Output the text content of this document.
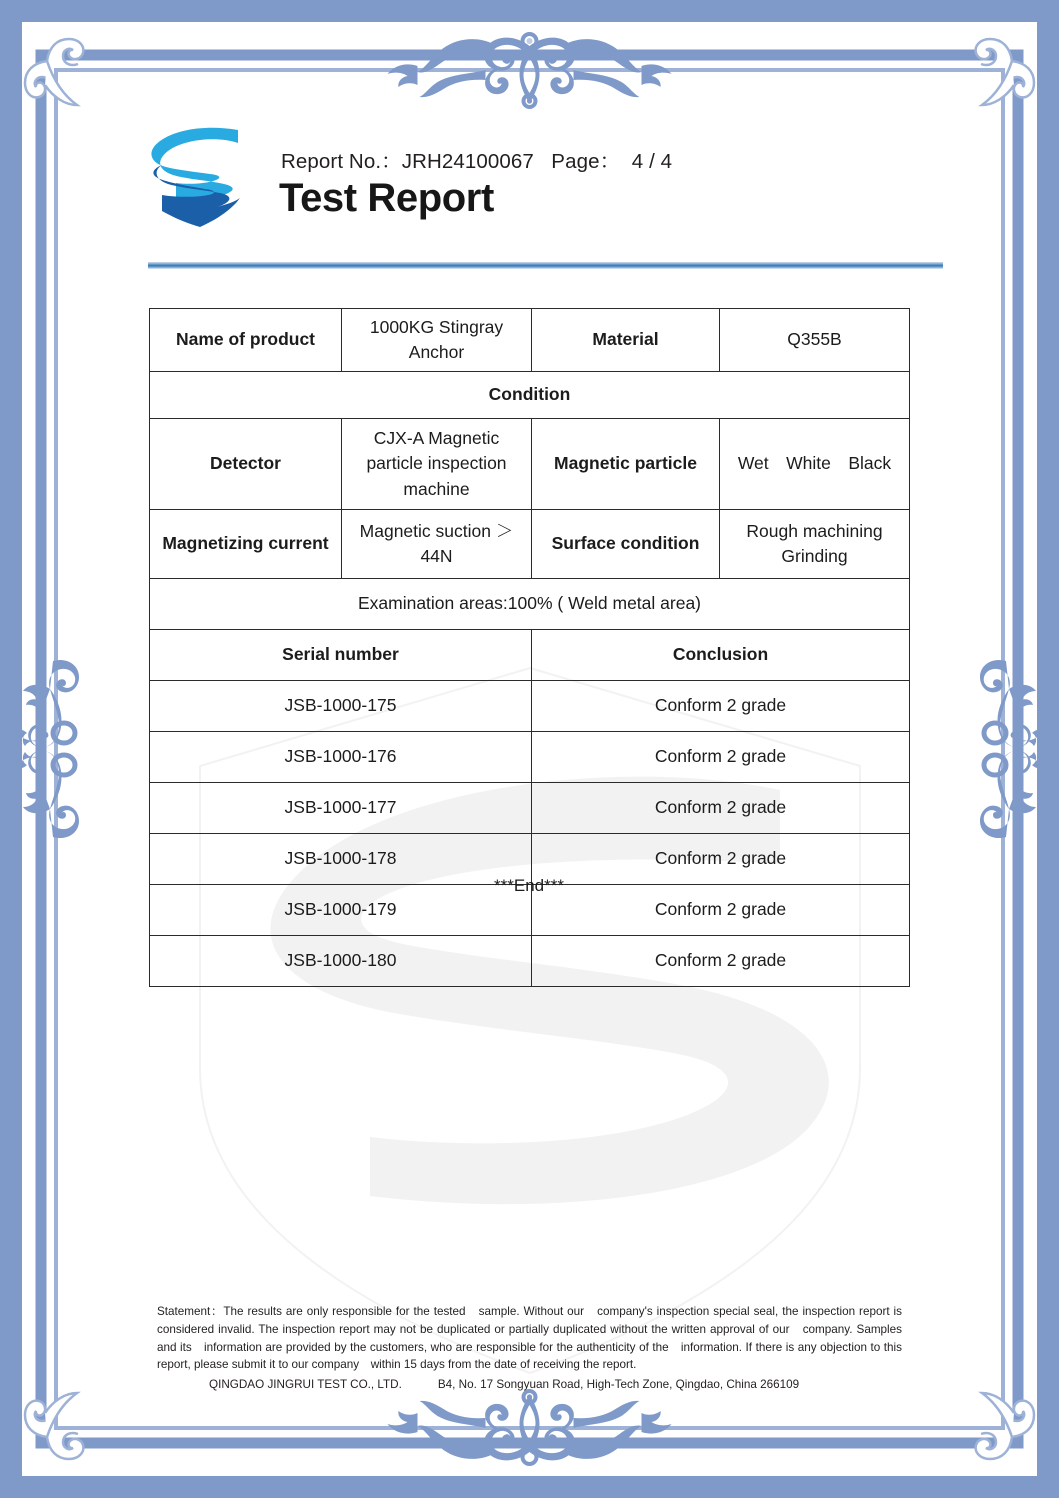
Report No.：JRH24100067 Page： 4 / 4
Test Report
Name of product	1000KG Stingray Anchor	Material	Q355B
Condition			
Detector	CJX-A Magnetic particle inspection machine	Magnetic particle	Wet　White　Black
Magnetizing current	Magnetic suction ＞ 44N	Surface condition	Rough machining Grinding
Examination areas:100% ( Weld metal area)			
Serial number		Conclusion	
JSB-1000-175		Conform 2 grade	
JSB-1000-176		Conform 2 grade	
JSB-1000-177		Conform 2 grade	
JSB-1000-178		Conform 2 grade	
JSB-1000-179		Conform 2 grade	
JSB-1000-180		Conform 2 grade	
***End***
Statement：The results are only responsible for the tested　sample. Without our　company's inspection special seal, the inspection report is considered invalid. The inspection report may not be duplicated or partially duplicated without the written approval of our　company. Samples and its　information are provided by the customers, who are responsible for the authenticity of the　information. If there is any objection to this report, please submit it to our company　within 15 days from the date of receiving the report.
QINGDAO JINGRUI TEST CO., LTD.	B4, No. 17 Songyuan Road, High-Tech Zone, Qingdao, China 266109
